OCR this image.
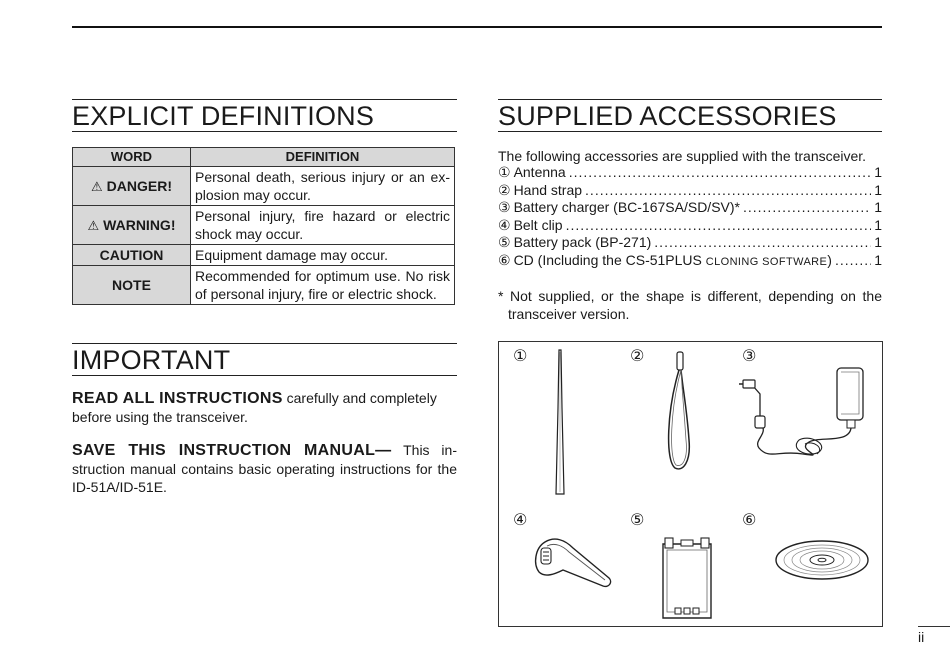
EXPLICIT DEFINITIONS
WORD	DEFINITION
⚠ DANGER!	Personal death, serious injury or an ex-plosion may occur.
⚠ WARNING!	Personal injury, fire hazard or electric shock may occur.
CAUTION	Equipment damage may occur.
NOTE	Recommended for optimum use. No risk of personal injury, fire or electric shock.
IMPORTANT

READ ALL INSTRUCTIONS carefully and completely before using the transceiver.

SAVE THIS INSTRUCTION MANUAL— This in-struction manual contains basic operating instructions for the ID-51A/ID-51E.

SUPPLIED ACCESSORIES

The following accessories are supplied with the transceiver.

① Antenna .....	1
② Hand strap .....	1
③ Battery charger (BC-167SA/SD/SV)* .....	1
④ Belt clip .....	1
⑤ Battery pack (BP-271) .....	1
⑥ CD (Including the CS-51PLUS CLONING SOFTWARE) .....	1

* Not supplied, or the shape is different, depending on the transceiver version.

①	②	③
④	⑤	⑥
ii
